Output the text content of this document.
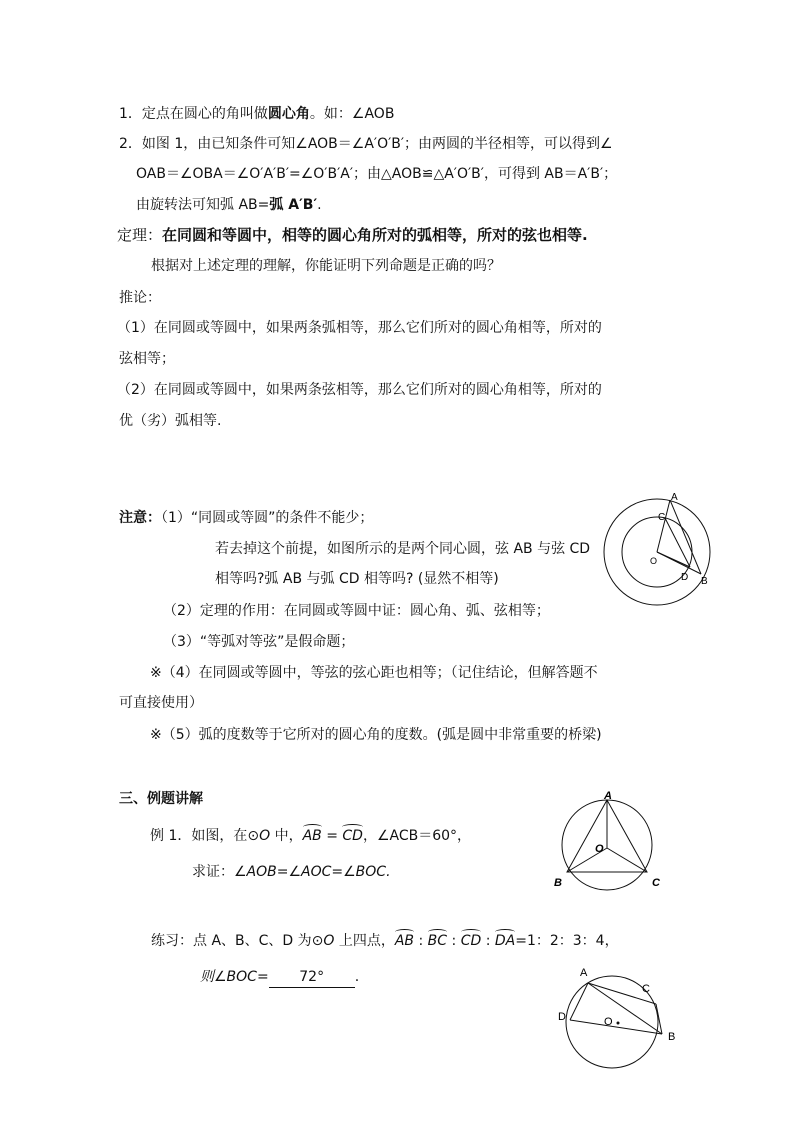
1．定点在圆心的角叫做圆心角。如：∠AOB
2．如图 1，由已知条件可知∠AOB＝∠A′O′B′；由两圆的半径相等，可以得到∠
OAB＝∠OBA＝∠O′A′B′=∠O′B′A′；由△AOB≌△A′O′B′，可得到 AB＝A′B′；
由旋转法可知弧 AB=弧 A′B′.
定理：在同圆和等圆中，相等的圆心角所对的弧相等，所对的弦也相等.
根据对上述定理的理解，你能证明下列命题是正确的吗？
推论：
（1）在同圆或等圆中，如果两条弧相等，那么它们所对的圆心角相等，所对的
弦相等；
（2）在同圆或等圆中，如果两条弦相等，那么它们所对的圆心角相等，所对的
优（劣）弧相等.
注意：（1）“同圆或等圆”的条件不能少；
若去掉这个前提，如图所示的是两个同心圆，弦 AB 与弦 CD
相等吗?弧 AB 与弧 CD 相等吗? (显然不相等)
（2）定理的作用：在同圆或等圆中证：圆心角、弧、弦相等；
（3）“等弧对等弦”是假命题；
※（4）在同圆或等圆中，等弦的弦心距也相等；（记住结论，但解答题不
可直接使用）
※（5）弧的度数等于它所对的圆心角的度数。(弧是圆中非常重要的桥梁)
A
C
O
D B
三、例题讲解
例 1．如图，在⊙O 中，AB = CD，∠ACB＝60°，
求证：∠AOB=∠AOC=∠BOC.
A
O
B	C
练习：点 A、B、C、D 为⊙O 上四点，AB : BC : CD : DA=1：2：3：4，
则∠BOC= 72° .	A
C
D	O
B
